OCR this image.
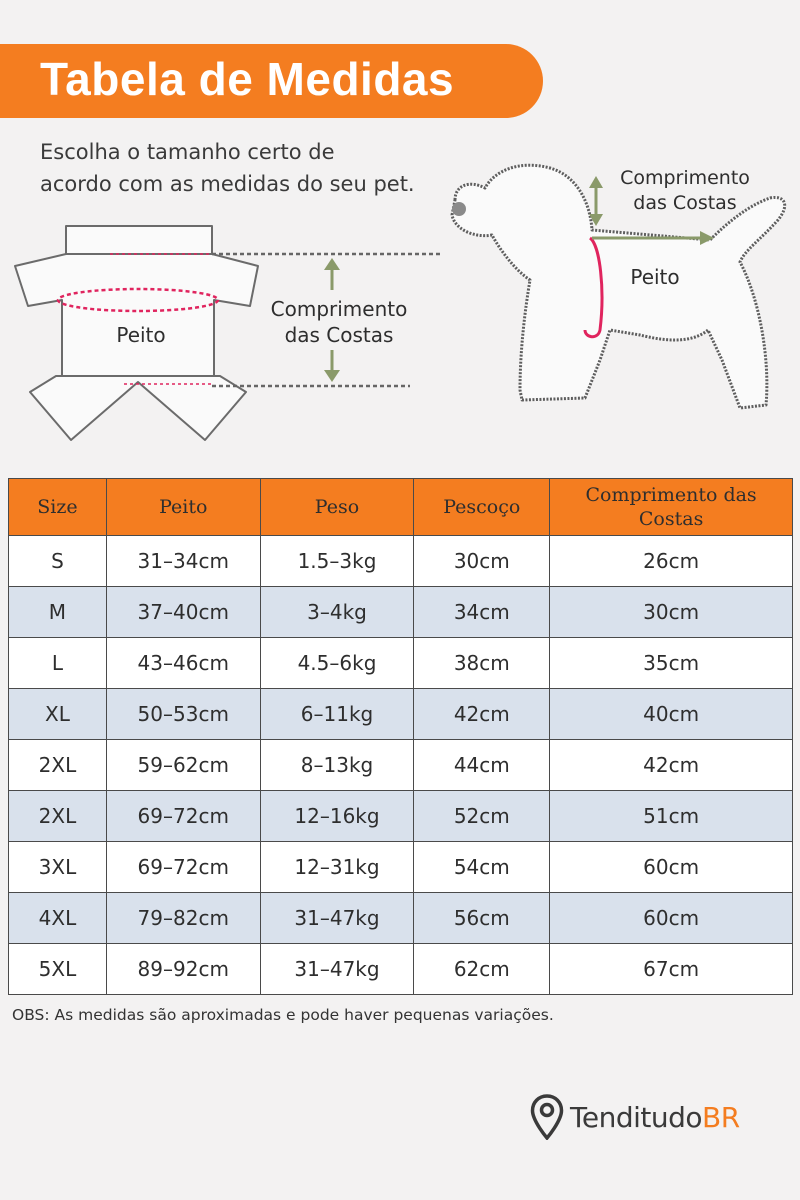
Tabela de Medidas
Escolha o tamanho certo de
acordo com as medidas do seu pet.
Peito
Comprimento
das Costas
Comprimento
das Costas
Peito
Size	Peito	Peso	Pescoço	Comprimento das Costas
S	31–34cm	1.5–3kg	30cm	26cm
M	37–40cm	3–4kg	34cm	30cm
L	43–46cm	4.5–6kg	38cm	35cm
XL	50–53cm	6–11kg	42cm	40cm
2XL	59–62cm	8–13kg	44cm	42cm
2XL	69–72cm	12–16kg	52cm	51cm
3XL	69–72cm	12–31kg	54cm	60cm
4XL	79–82cm	31–47kg	56cm	60cm
5XL	89–92cm	31–47kg	62cm	67cm
OBS: As medidas são aproximadas e pode haver pequenas variações.
TenditudoBR
